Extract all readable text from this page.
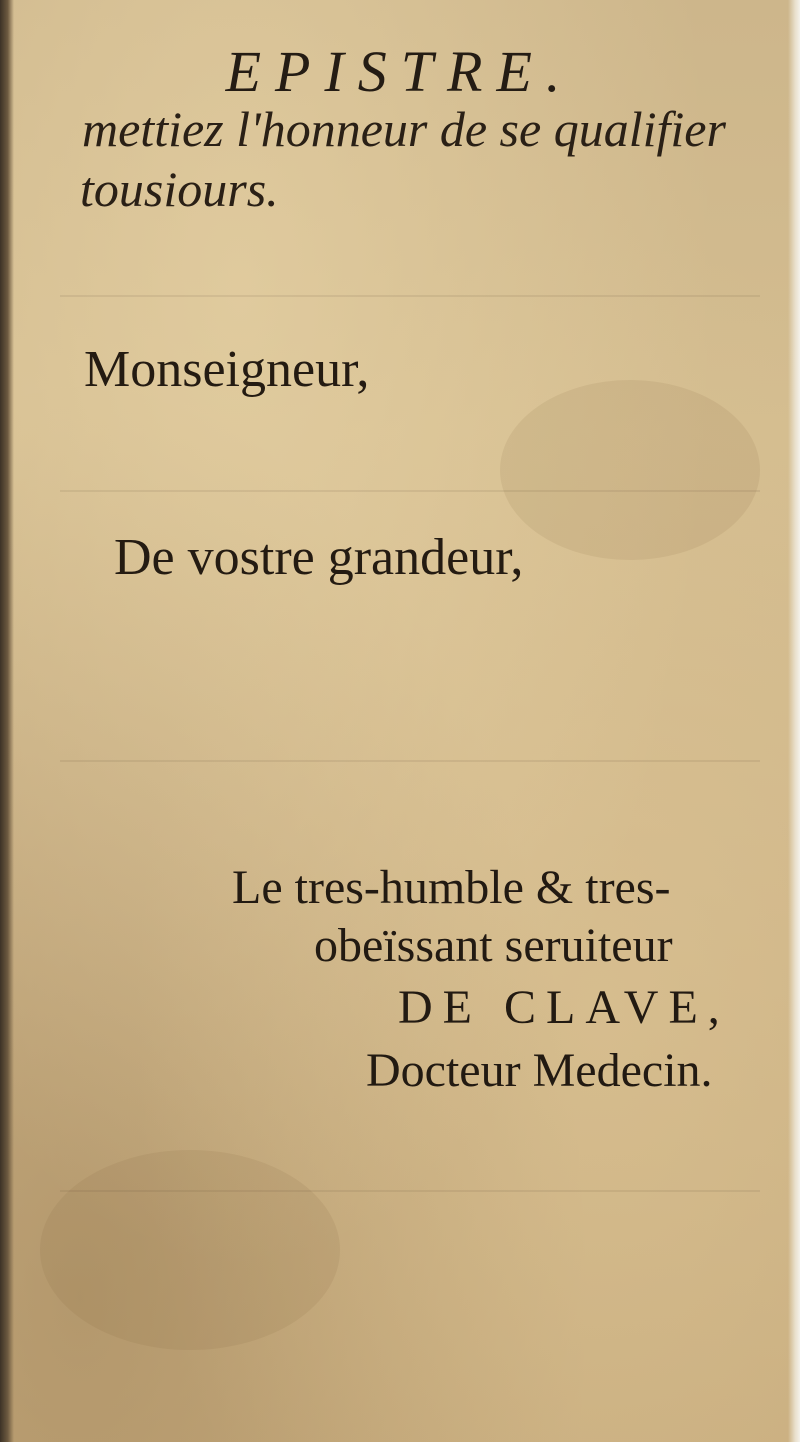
EPISTRE.
mettiez l'honneur de se qualifier
tousiours.
Monseigneur,
De vostre grandeur,
Le tres-humble & tres-
obeïssant seruiteur
DE CLAVE,
Docteur Medecin.
